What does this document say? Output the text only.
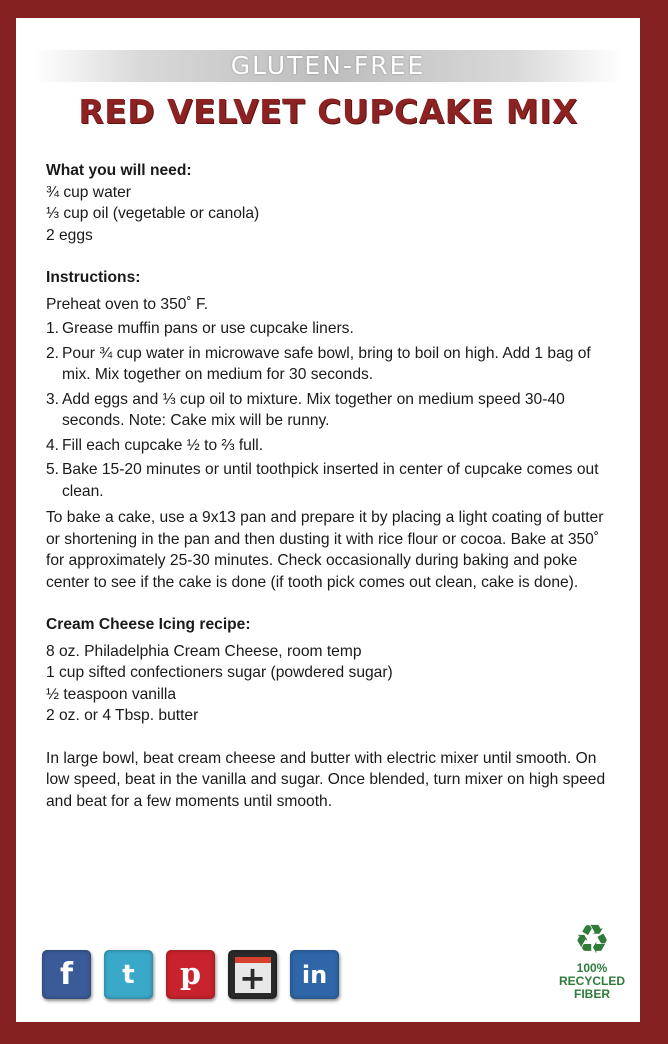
GLUTEN-FREE
RED VELVET CUPCAKE MIX
What you will need:
¾ cup water
⅓ cup oil (vegetable or canola)
2 eggs
Instructions:
Preheat oven to 350˚ F.
1. Grease muffin pans or use cupcake liners.
2. Pour ¾ cup water in microwave safe bowl, bring to boil on high. Add 1 bag of mix. Mix together on medium for 30 seconds.
3. Add eggs and ⅓ cup oil to mixture. Mix together on medium speed 30-40 seconds. Note: Cake mix will be runny.
4. Fill each cupcake ½ to ⅔ full.
5. Bake 15-20 minutes or until toothpick inserted in center of cupcake comes out clean.
To bake a cake, use a 9x13 pan and prepare it by placing a light coating of butter or shortening in the pan and then dusting it with rice flour or cocoa. Bake at 350˚ for approximately 25-30 minutes. Check occasionally during baking and poke center to see if the cake is done (if tooth pick comes out clean, cake is done).
Cream Cheese Icing recipe:
8 oz. Philadelphia Cream Cheese, room temp
1 cup sifted confectioners sugar (powdered sugar)
½ teaspoon vanilla
2 oz. or 4 Tbsp. butter
In large bowl, beat cream cheese and butter with electric mixer until smooth. On low speed, beat in the vanilla and sugar. Once blended, turn mixer on high speed and beat for a few moments until smooth.
f t p + in
♻
100%
RECYCLED
FIBER
